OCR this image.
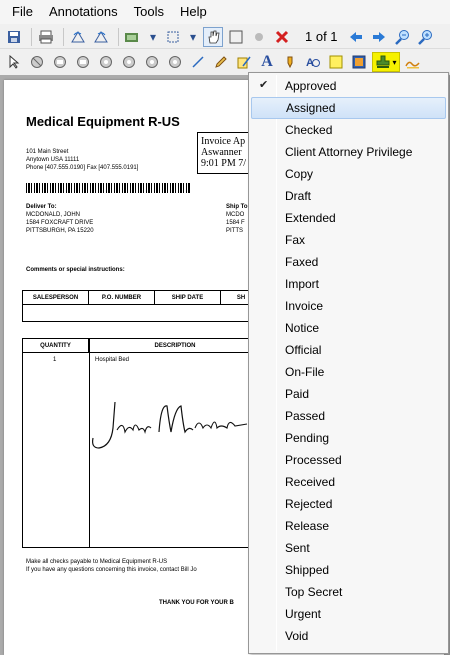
File	Annotations	Tools	Help
▾	▾	1 of 1
A	A	▾
Medical Equipment R-US
101 Main Street
Anytown USA 11111
Phone [407.555.0190] Fax [407.555.0191]
Invoice Ap
Aswanner
9:01 PM 7/
Deliver To:
MCDONALD, JOHN
1584 FOXCRAFT DRIVE
PITTSBURGH, PA 15220
Ship To
MCDO
1584 F
PITTS
Comments or special instructions:
SALESPERSON	P.O. NUMBER	SHIP DATE	SH
QUANTITY	DESCRIPTION
1	Hospital Bed
Make all checks payable to Medical Equipment R-US
If you have any questions concerning this invoice, contact Bill Jo
THANK YOU FOR YOUR B
✔ Approved
Assigned
Checked
Client Attorney Privilege
Copy
Draft
Extended
Fax
Faxed
Import
Invoice
Notice
Official
On-File
Paid
Passed
Pending
Processed
Received
Rejected
Release
Sent
Shipped
Top Secret
Urgent
Void
